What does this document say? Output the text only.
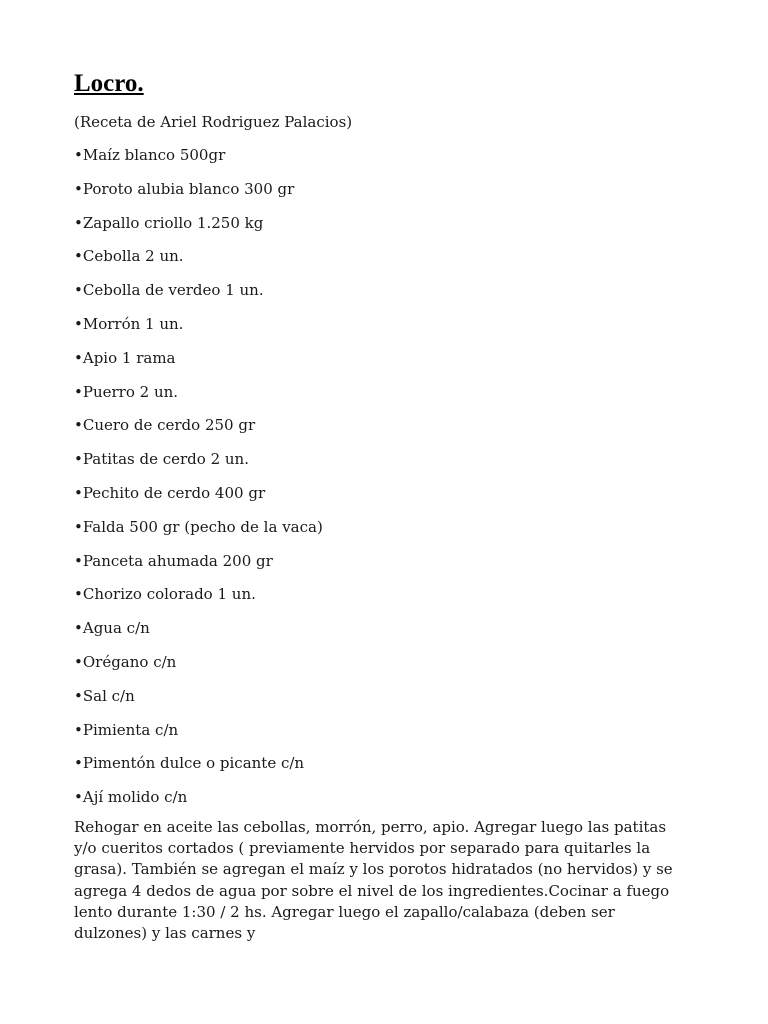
Locro.
(Receta de Ariel Rodriguez Palacios)
•Maíz blanco 500gr
•Poroto alubia blanco 300 gr
•Zapallo criollo 1.250 kg
•Cebolla 2 un.
•Cebolla de verdeo 1 un.
•Morrón 1 un.
•Apio 1 rama
•Puerro 2 un.
•Cuero de cerdo 250 gr
•Patitas de cerdo 2 un.
•Pechito de cerdo 400 gr
•Falda 500 gr (pecho de la vaca)
•Panceta ahumada 200 gr
•Chorizo colorado 1 un.
•Agua c/n
•Orégano c/n
•Sal c/n
•Pimienta c/n
•Pimentón dulce o picante c/n
•Ají molido c/n

Rehogar en aceite las cebollas, morrón, perro, apio. Agregar luego las patitas y/o cueritos cortados ( previamente hervidos por separado para quitarles la grasa). También se agregan el maíz y los porotos hidratados (no hervidos) y se agrega 4 dedos de agua por sobre el nivel de los ingredientes.Cocinar a fuego lento durante 1:30 / 2 hs. Agregar luego el zapallo/calabaza (deben ser dulzones) y las carnes y
